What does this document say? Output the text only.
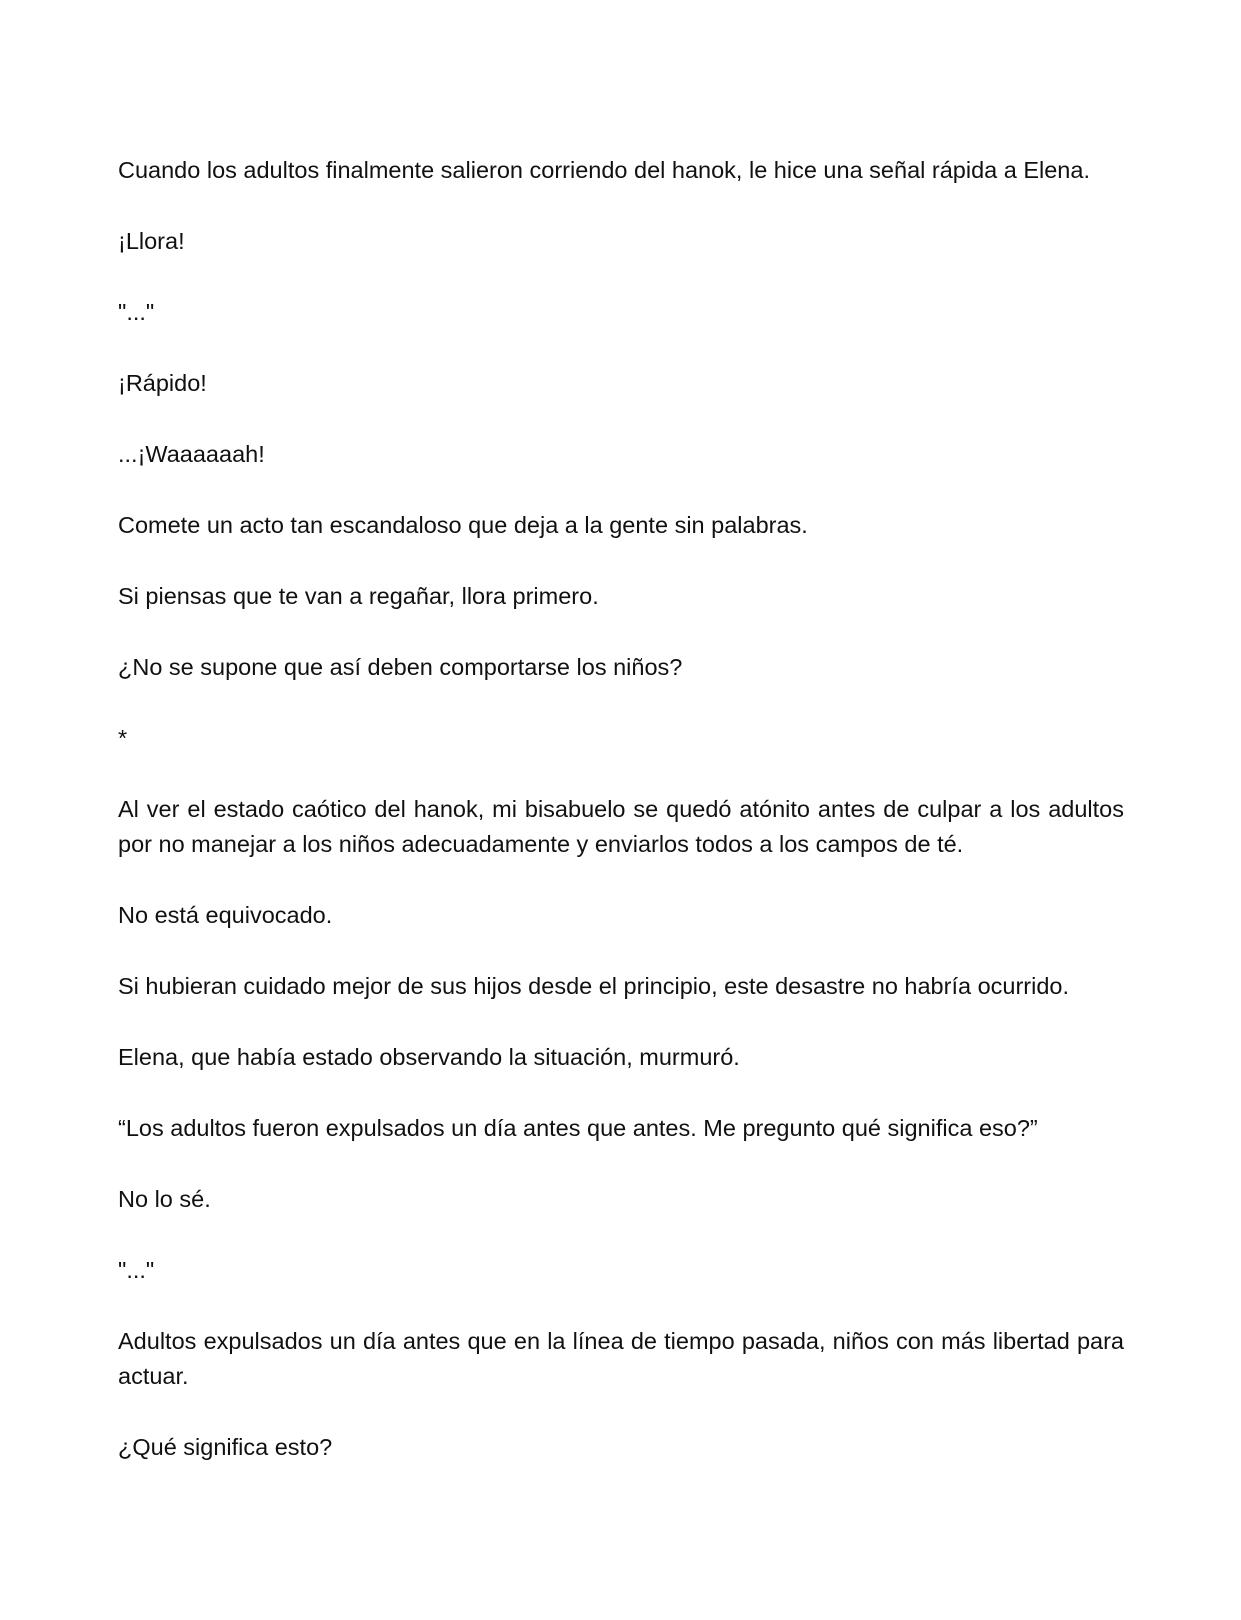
Cuando los adultos finalmente salieron corriendo del hanok, le hice una señal rápida a Elena.

¡Llora!

"..."

¡Rápido!

...¡Waaaaaah!

Comete un acto tan escandaloso que deja a la gente sin palabras.

Si piensas que te van a regañar, llora primero.

¿No se supone que así deben comportarse los niños?

*

Al ver el estado caótico del hanok, mi bisabuelo se quedó atónito antes de culpar a los adultos por no manejar a los niños adecuadamente y enviarlos todos a los campos de té.

No está equivocado.

Si hubieran cuidado mejor de sus hijos desde el principio, este desastre no habría ocurrido.

Elena, que había estado observando la situación, murmuró.

“Los adultos fueron expulsados un día antes que antes. Me pregunto qué significa eso?”

No lo sé.

"..."

Adultos expulsados un día antes que en la línea de tiempo pasada, niños con más libertad para actuar.

¿Qué significa esto?
